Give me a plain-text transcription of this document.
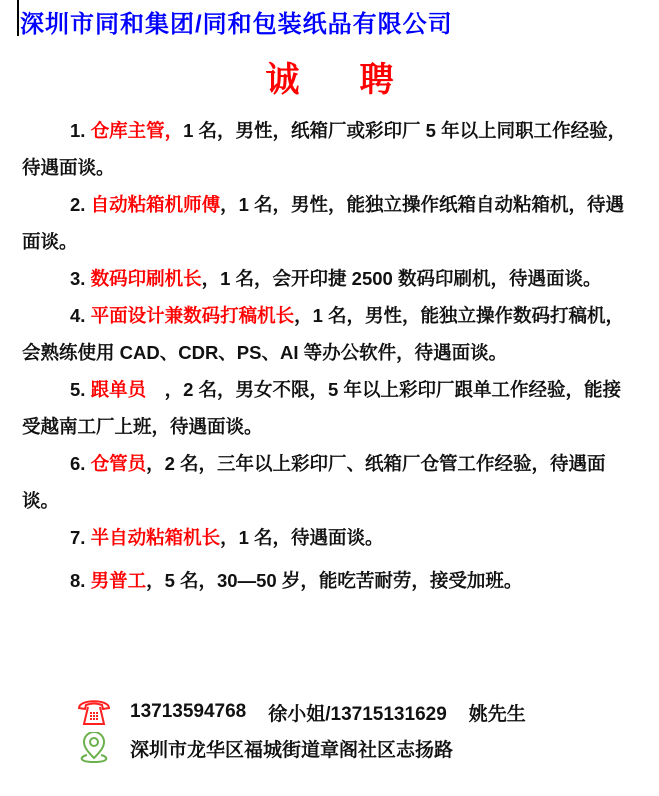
深圳市同和集团/同和包装纸品有限公司
诚 聘
1. 仓库主管，1 名，男性，纸箱厂或彩印厂 5 年以上同职工作经验，待遇面谈。
2. 自动粘箱机师傅，1 名，男性，能独立操作纸箱自动粘箱机，待遇面谈。
3. 数码印刷机长，1 名，会开印捷 2500 数码印刷机，待遇面谈。
4. 平面设计兼数码打稿机长，1 名，男性，能独立操作数码打稿机，会熟练使用 CAD、CDR、PS、AI 等办公软件，待遇面谈。
5. 跟单员　，2 名，男女不限，5 年以上彩印厂跟单工作经验，能接受越南工厂上班，待遇面谈。
6. 仓管员，2 名，三年以上彩印厂、纸箱厂仓管工作经验，待遇面谈。
7. 半自动粘箱机长，1 名，待遇面谈。
8. 男普工，5 名，30—50 岁，能吃苦耐劳，接受加班。
13713594768 徐小姐/13715131629 姚先生
深圳市龙华区福城街道章阁社区志扬路
